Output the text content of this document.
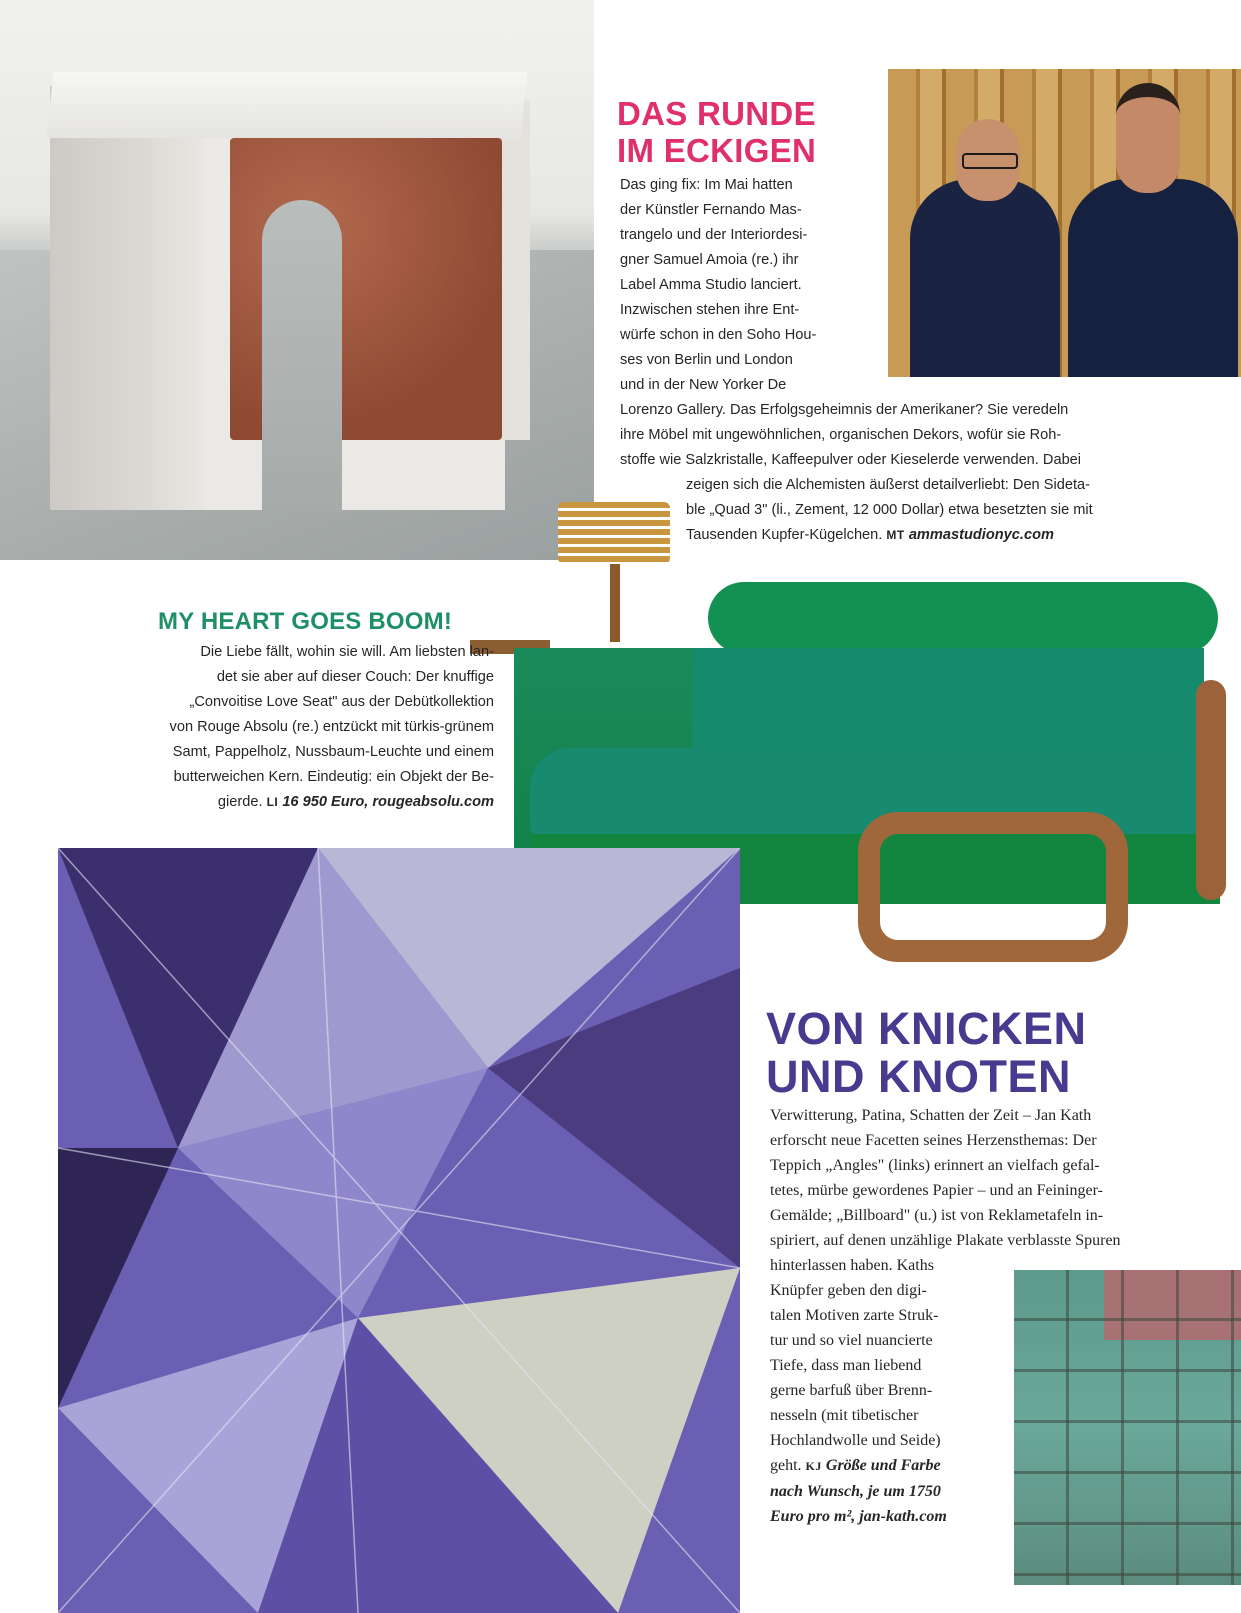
DAS RUNDE
IM ECKIGEN
Das ging fix: Im Mai hatten
der Künstler Fernando Mas-
trangelo und der Interiordesi-
gner Samuel Amoia (re.) ihr
Label Amma Studio lanciert.
Inzwischen stehen ihre Ent-
würfe schon in den Soho Hou-
ses von Berlin und London
und in der New Yorker De
Lorenzo Gallery. Das Erfolgsgeheimnis der Amerikaner? Sie veredeln
ihre Möbel mit ungewöhnlichen, organischen Dekors, wofür sie Roh-
stoffe wie Salzkristalle, Kaffeepulver oder Kieselerde verwenden. Dabei
zeigen sich die Alchemisten äußerst detailverliebt: Den Sideta-
ble „Quad 3" (li., Zement, 12 000 Dollar) etwa besetzten sie mit
Tausenden Kupfer-Kügelchen. MT ammastudionyc.com
MY HEART GOES BOOM!
Die Liebe fällt, wohin sie will. Am liebsten lan-
det sie aber auf dieser Couch: Der knuffige
„Convoitise Love Seat" aus der Debütkollektion
von Rouge Absolu (re.) entzückt mit türkis-grünem
Samt, Pappelholz, Nussbaum-Leuchte und einem
butterweichen Kern. Eindeutig: ein Objekt der Be-
gierde. LI 16 950 Euro, rougeabsolu.com
VON KNICKEN
UND KNOTEN
Verwitterung, Patina, Schatten der Zeit – Jan Kath
erforscht neue Facetten seines Herzensthemas: Der
Teppich „Angles" (links) erinnert an vielfach gefal-
tetes, mürbe gewordenes Papier – und an Feininger-
Gemälde; „Billboard" (u.) ist von Reklametafeln in-
spiriert, auf denen unzählige Plakate verblasste Spuren
hinterlassen haben. Kaths
Knüpfer geben den digi-
talen Motiven zarte Struk-
tur und so viel nuancierte
Tiefe, dass man liebend
gerne barfuß über Brenn-
nesseln (mit tibetischer
Hochlandwolle und Seide)
geht. KJ Größe und Farbe
nach Wunsch, je um 1750
Euro pro m², jan-kath.com
